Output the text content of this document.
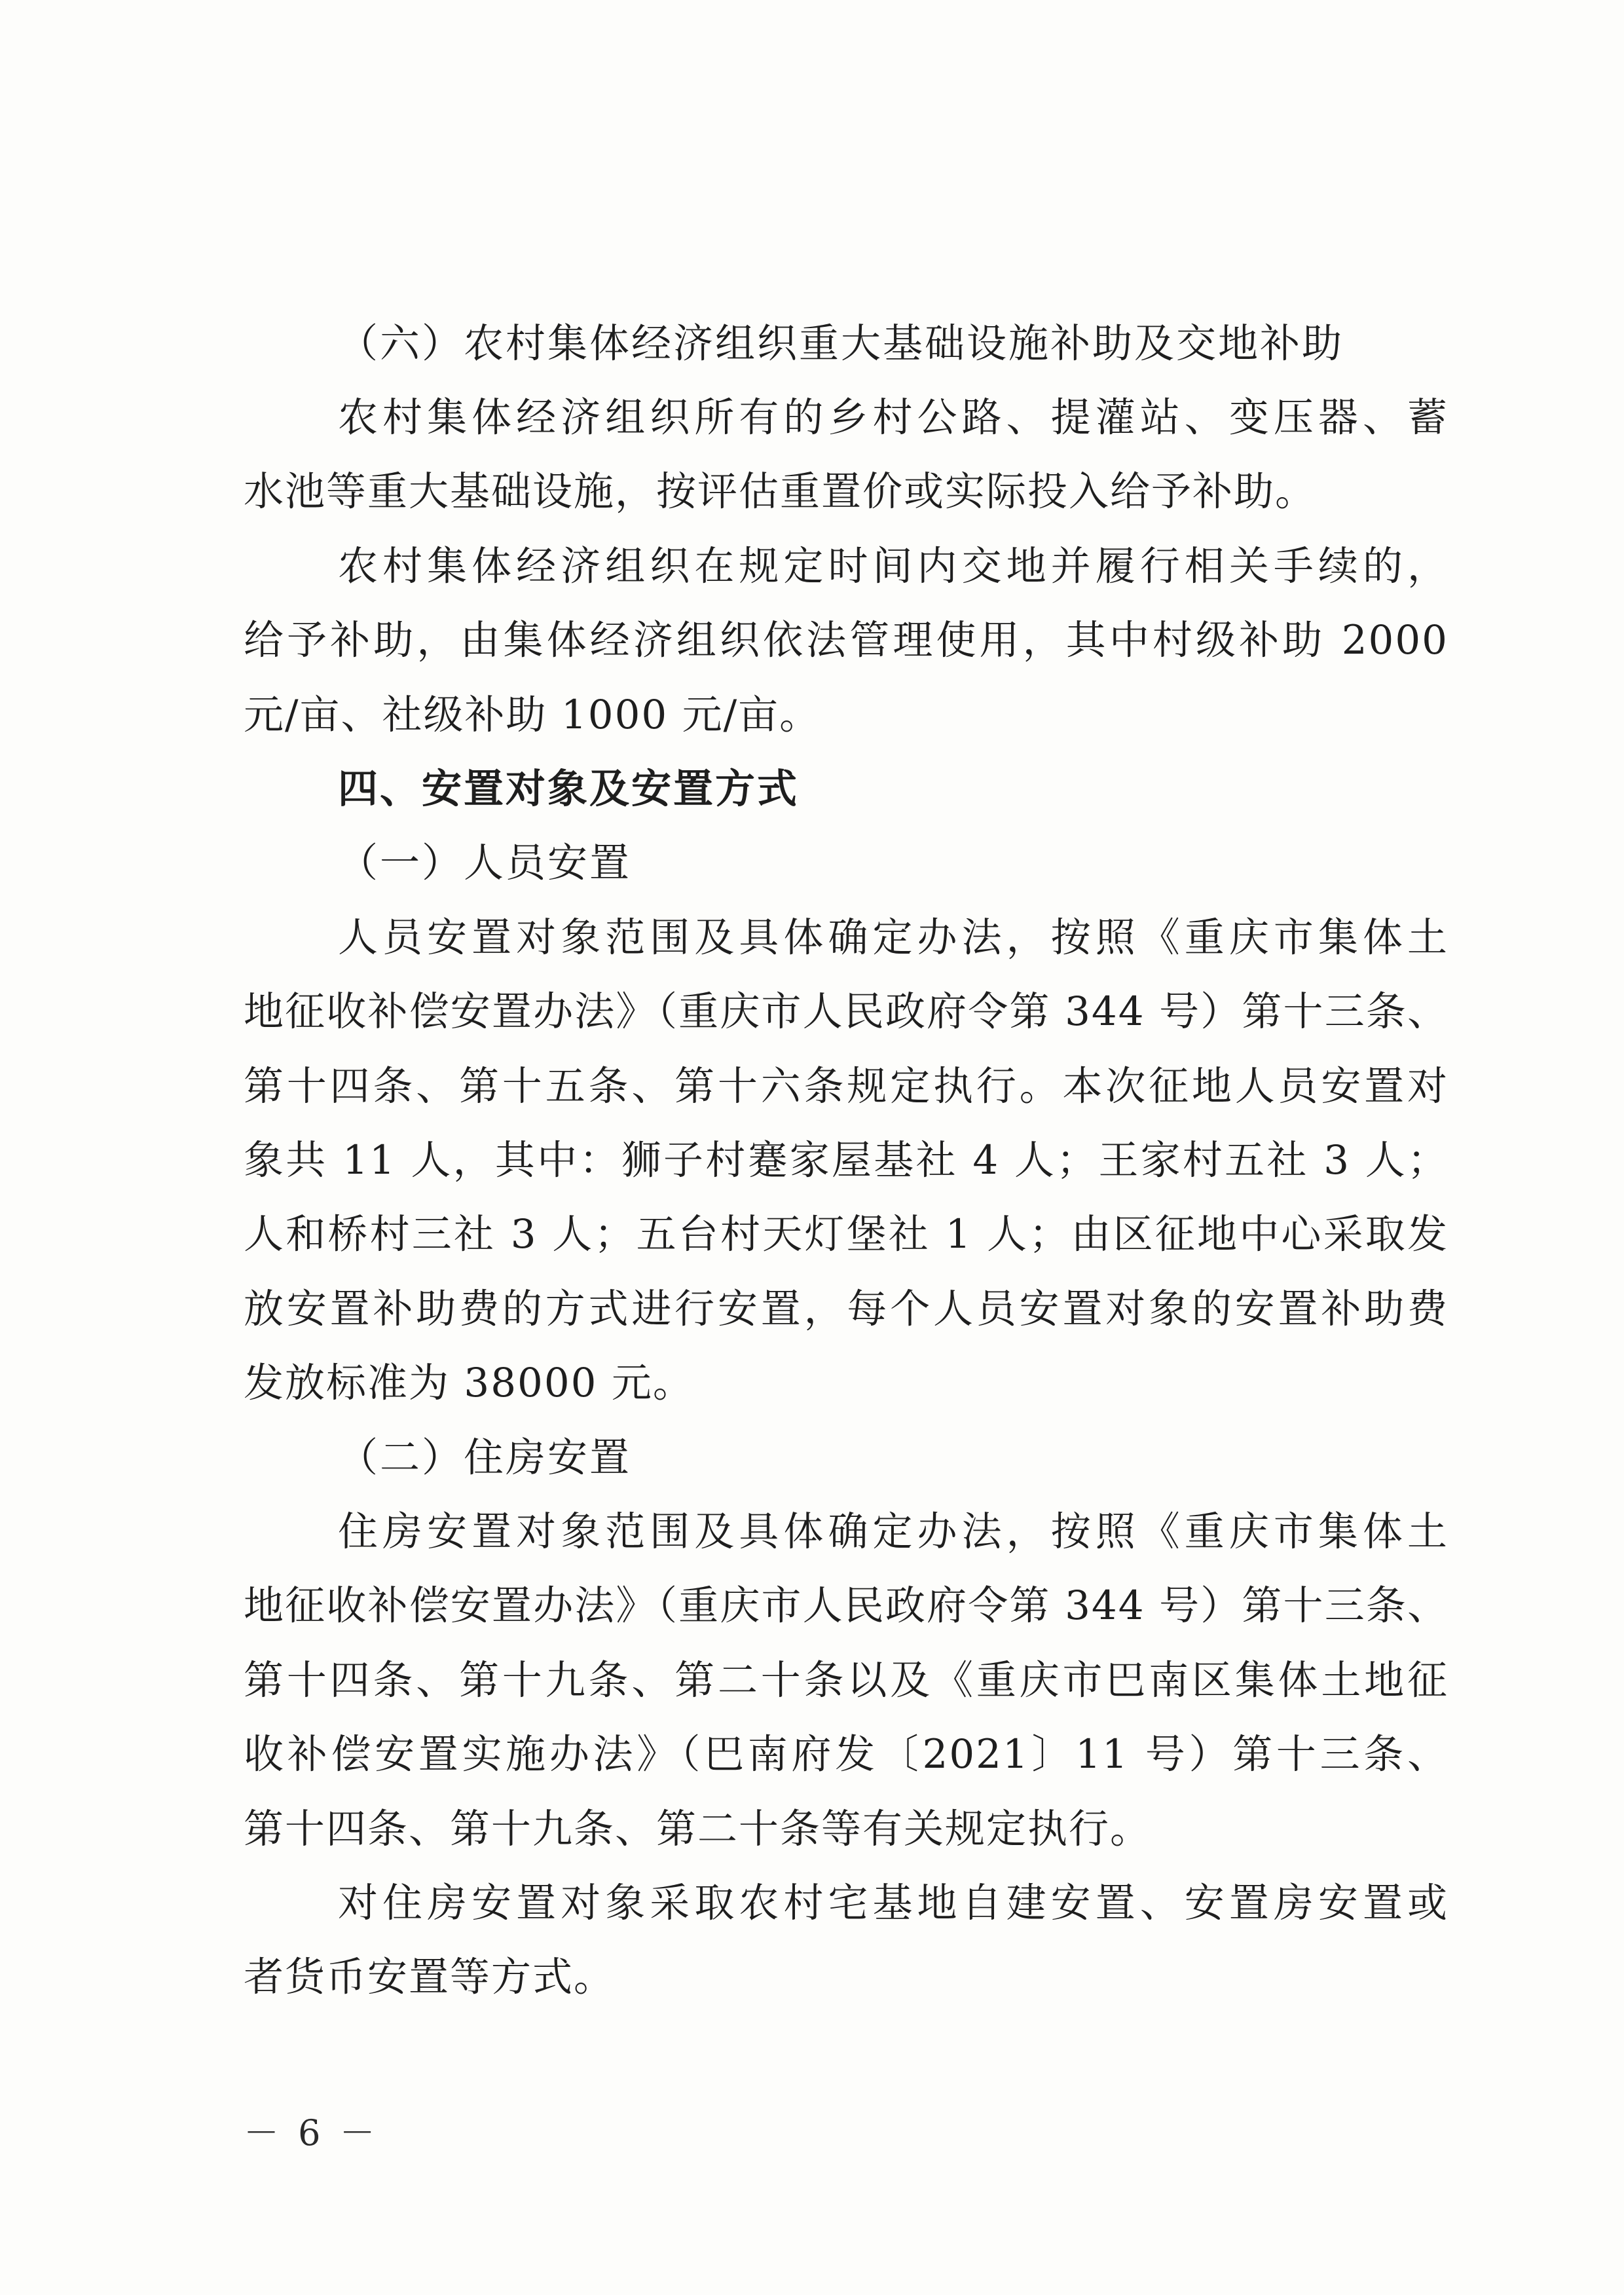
（六）农村集体经济组织重大基础设施补助及交地补助
农村集体经济组织所有的乡村公路、提灌站、变压器、蓄
水池等重大基础设施，按评估重置价或实际投入给予补助。
农村集体经济组织在规定时间内交地并履行相关手续的，
给予补助，由集体经济组织依法管理使用，其中村级补助 2000
元/亩、社级补助 1000 元/亩。
四、安置对象及安置方式
（一）人员安置
人员安置对象范围及具体确定办法，按照《重庆市集体土
地征收补偿安置办法》（重庆市人民政府令第 344 号）第十三条、
第十四条、第十五条、第十六条规定执行。本次征地人员安置对
象共 11 人，其中：狮子村蹇家屋基社 4 人；王家村五社 3 人；
人和桥村三社 3 人；五台村天灯堡社 1 人；由区征地中心采取发
放安置补助费的方式进行安置，每个人员安置对象的安置补助费
发放标准为 38000 元。
（二）住房安置
住房安置对象范围及具体确定办法，按照《重庆市集体土
地征收补偿安置办法》（重庆市人民政府令第 344 号）第十三条、
第十四条、第十九条、第二十条以及《重庆市巴南区集体土地征
收补偿安置实施办法》（巴南府发〔2021〕11 号）第十三条、
第十四条、第十九条、第二十条等有关规定执行。
对住房安置对象采取农村宅基地自建安置、安置房安置或
者货币安置等方式。
－ 6 －
